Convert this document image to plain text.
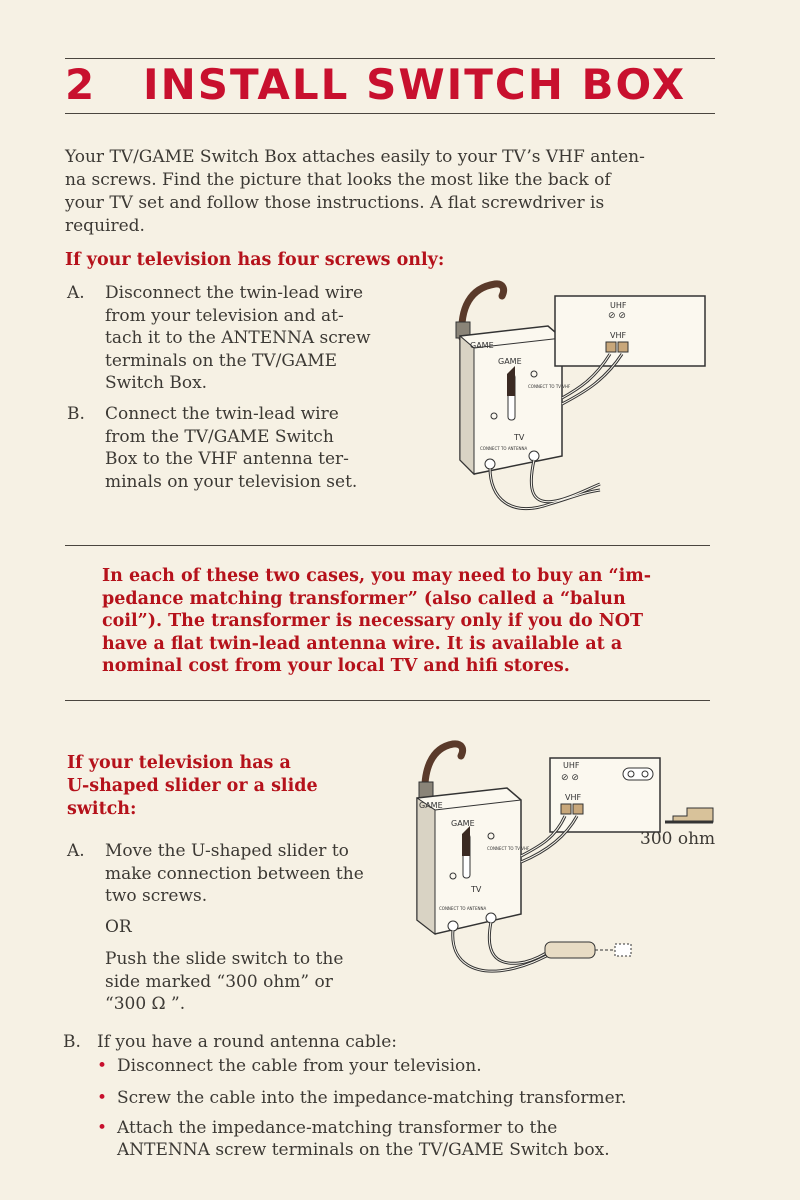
2 INSTALL SWITCH BOX
Your TV/GAME Switch Box attaches easily to your TV’s VHF anten-
na screws. Find the picture that looks the most like the back of
your TV set and follow those instructions. A flat screwdriver is
required.
If your television has four screws only:
A. Disconnect the twin-lead wire
from your television and at-
tach it to the ANTENNA screw
terminals on the TV/GAME
Switch Box.
B. Connect the twin-lead wire
from the TV/GAME Switch
Box to the VHF antenna ter-
minals on your television set.
GAME
GAME
TV
CONNECT TO TV VHF
CONNECT TO ANTENNA
UHF
⊘ ⊘
VHF
In each of these two cases, you may need to buy an “im-
pedance matching transformer” (also called a “balun
coil”). The transformer is necessary only if you do NOT
have a flat twin-lead antenna wire. It is available at a
nominal cost from your local TV and hifi stores.
If your television has a
U-shaped slider or a slide
switch:
A. Move the U-shaped slider to
make connection between the
two screws.
OR
Push the slide switch to the
side marked “300 ohm” or
“300 Ω ”.
GAME
GAME
TV
CONNECT TO TV VHF
CONNECT TO ANTENNA
UHF
⊘ ⊘
VHF
300 ohm
B. If you have a round antenna cable:
• Disconnect the cable from your television.
• Screw the cable into the impedance-matching transformer.
• Attach the impedance-matching transformer to the
ANTENNA screw terminals on the TV/GAME Switch box.
